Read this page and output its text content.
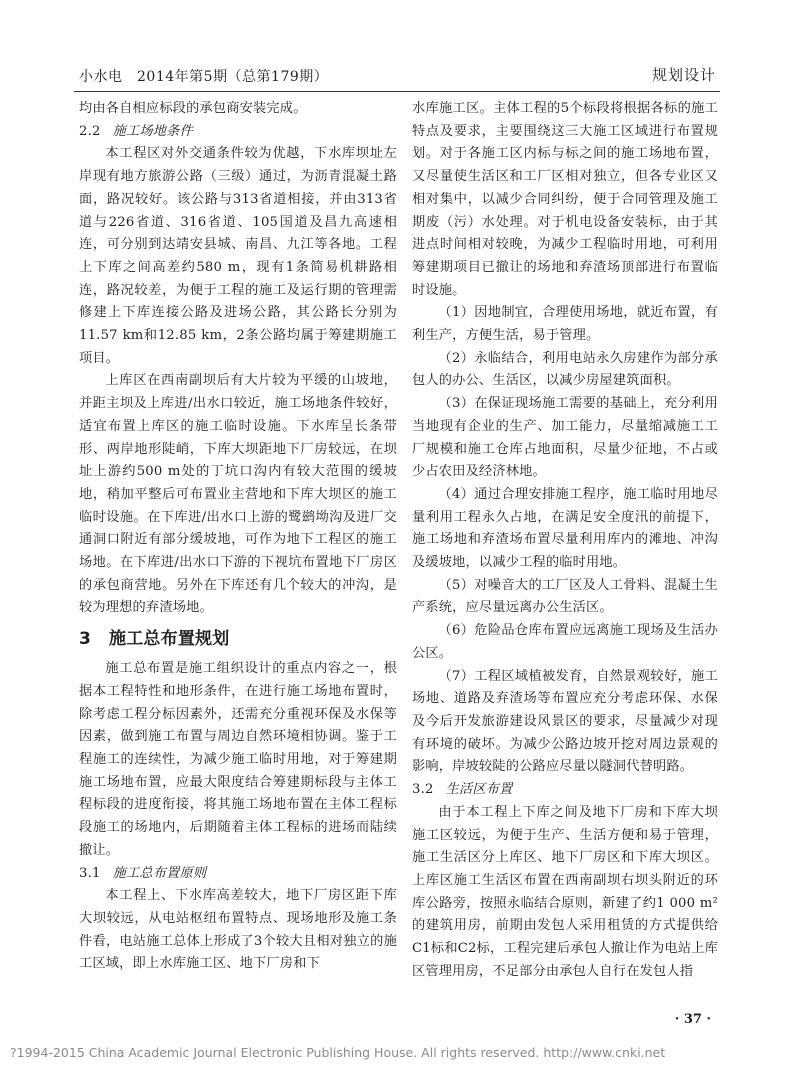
小水电　2014年第5期（总第179期）	规划设计

均由各自相应标段的承包商安装完成。

2.2 施工场地条件

本工程区对外交通条件较为优越，下水库坝址左岸现有地方旅游公路（三级）通过，为沥青混凝土路面，路况较好。该公路与313省道相接，并由313省道与226省道、316省道、105国道及昌九高速相连，可分别到达靖安县城、南昌、九江等各地。工程上下库之间高差约580 m，现有1条简易机耕路相连，路况较差，为便于工程的施工及运行期的管理需修建上下库连接公路及进场公路，其公路长分别为11.57 km和12.85 km，2条公路均属于筹建期施工项目。

上库区在西南副坝后有大片较为平缓的山坡地，并距主坝及上库进/出水口较近，施工场地条件较好，适宜布置上库区的施工临时设施。下水库呈长条带形、两岸地形陡峭，下库大坝距地下厂房较远，在坝址上游约500 m处的丁坑口沟内有较大范围的缓坡地，稍加平整后可布置业主营地和下库大坝区的施工临时设施。在下库进/出水口上游的鹭鹚坳沟及进厂交通洞口附近有部分缓坡地，可作为地下工程区的施工场地。在下库进/出水口下游的下视坑布置地下厂房区的承包商营地。另外在下库还有几个较大的冲沟，是较为理想的弃渣场地。

3 施工总布置规划

施工总布置是施工组织设计的重点内容之一，根据本工程特性和地形条件，在进行施工场地布置时，除考虑工程分标因素外，还需充分重视环保及水保等因素，做到施工布置与周边自然环境相协调。鉴于工程施工的连续性，为减少施工临时用地，对于筹建期施工场地布置，应最大限度结合筹建期标段与主体工程标段的进度衔接，将其施工场地布置在主体工程标段施工的场地内，后期随着主体工程标的进场而陆续撤让。

3.1 施工总布置原则

本工程上、下水库高差较大，地下厂房区距下库大坝较远，从电站枢纽布置特点、现场地形及施工条件看，电站施工总体上形成了3个较大且相对独立的施工区域，即上水库施工区、地下厂房和下

水库施工区。主体工程的5个标段将根据各标的施工特点及要求，主要围绕这三大施工区域进行布置规划。对于各施工区内标与标之间的施工场地布置，又尽量使生活区和工厂区相对独立，但各专业区又相对集中，以减少合同纠纷，便于合同管理及施工期废（污）水处理。对于机电设备安装标，由于其进点时间相对较晚，为减少工程临时用地，可利用筹建期项目已撤让的场地和弃渣场顶部进行布置临时设施。

（1）因地制宜，合理使用场地，就近布置，有利生产，方便生活，易于管理。

（2）永临结合，利用电站永久房建作为部分承包人的办公、生活区，以减少房屋建筑面积。

（3）在保证现场施工需要的基础上，充分利用当地现有企业的生产、加工能力，尽量缩减施工工厂规模和施工仓库占地面积，尽量少征地，不占或少占农田及经济林地。

（4）通过合理安排施工程序，施工临时用地尽量利用工程永久占地，在满足安全度汛的前提下，施工场地和弃渣场布置尽量利用库内的滩地、冲沟及缓坡地，以减少工程的临时用地。

（5）对噪音大的工厂区及人工骨料、混凝土生产系统，应尽量远离办公生活区。

（6）危险品仓库布置应远离施工现场及生活办公区。

（7）工程区域植被发育，自然景观较好，施工场地、道路及弃渣场等布置应充分考虑环保、水保及今后开发旅游建设风景区的要求，尽量减少对现有环境的破坏。为减少公路边坡开挖对周边景观的影响，岸坡较陡的公路应尽量以隧洞代替明路。

3.2 生活区布置

由于本工程上下库之间及地下厂房和下库大坝施工区较远，为便于生产、生活方便和易于管理，施工生活区分上库区、地下厂房区和下库大坝区。上库区施工生活区布置在西南副坝右坝头附近的环库公路旁，按照永临结合原则，新建了约1 000 m² 的建筑用房，前期由发包人采用租赁的方式提供给C1标和C2标，工程完建后承包人撤让作为电站上库区管理用房，不足部分由承包人自行在发包人指

· 37 ·
?1994-2015 China Academic Journal Electronic Publishing House. All rights reserved. http://www.cnki.net
